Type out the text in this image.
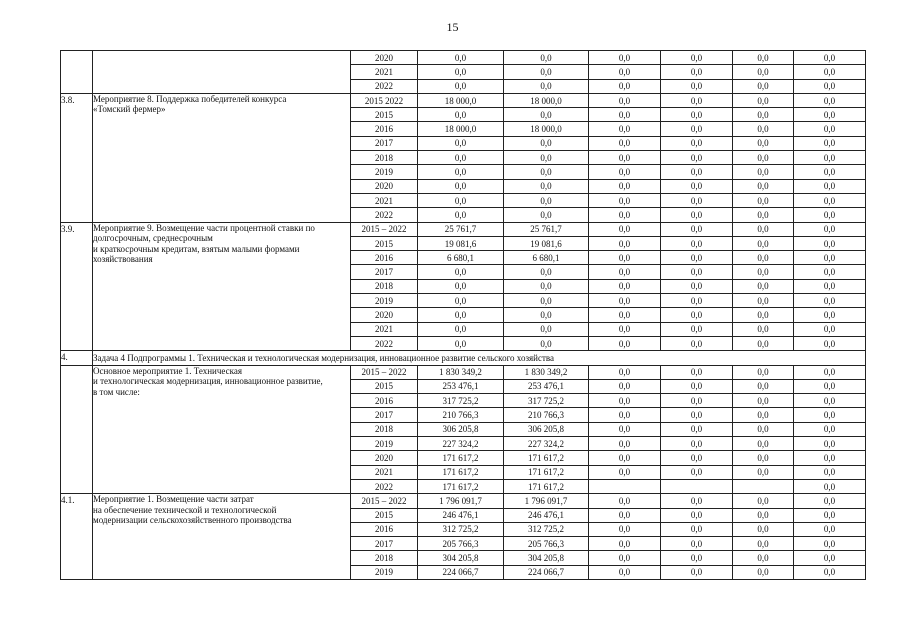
15
		2020	0,0	0,0	0,0	0,0	0,0	0,0
		2021	0,0	0,0	0,0	0,0	0,0	0,0
		2022	0,0	0,0	0,0	0,0	0,0	0,0
3.8.	Мероприятие 8. Поддержка победителей конкурса
«Томский фермер»	2015 2022	18 000,0	18 000,0	0,0	0,0	0,0	0,0
		2015	0,0	0,0	0,0	0,0	0,0	0,0
		2016	18 000,0	18 000,0	0,0	0,0	0,0	0,0
		2017	0,0	0,0	0,0	0,0	0,0	0,0
		2018	0,0	0,0	0,0	0,0	0,0	0,0
		2019	0,0	0,0	0,0	0,0	0,0	0,0
		2020	0,0	0,0	0,0	0,0	0,0	0,0
		2021	0,0	0,0	0,0	0,0	0,0	0,0
		2022	0,0	0,0	0,0	0,0	0,0	0,0
3.9.	Мероприятие 9. Возмещение части процентной ставки по
долгосрочным, среднесрочным
и краткосрочным кредитам, взятым малыми формами
хозяйствования	2015 – 2022	25 761,7	25 761,7	0,0	0,0	0,0	0,0
		2015	19 081,6	19 081,6	0,0	0,0	0,0	0,0
		2016	6 680,1	6 680,1	0,0	0,0	0,0	0,0
		2017	0,0	0,0	0,0	0,0	0,0	0,0
		2018	0,0	0,0	0,0	0,0	0,0	0,0
		2019	0,0	0,0	0,0	0,0	0,0	0,0
		2020	0,0	0,0	0,0	0,0	0,0	0,0
		2021	0,0	0,0	0,0	0,0	0,0	0,0
		2022	0,0	0,0	0,0	0,0	0,0	0,0
4.	Задача 4 Подпрограммы 1. Техническая и технологическая модернизация, инновационное развитие сельского хозяйства							

	Основное мероприятие 1. Техническая
и технологическая модернизация, инновационное развитие,
в том числе:	2015 – 2022	1 830 349,2	1 830 349,2	0,0	0,0	0,0	0,0
		2015	253 476,1	253 476,1	0,0	0,0	0,0	0,0
		2016	317 725,2	317 725,2	0,0	0,0	0,0	0,0
		2017	210 766,3	210 766,3	0,0	0,0	0,0	0,0
		2018	306 205,8	306 205,8	0,0	0,0	0,0	0,0
		2019	227 324,2	227 324,2	0,0	0,0	0,0	0,0
		2020	171 617,2	171 617,2	0,0	0,0	0,0	0,0
		2021	171 617,2	171 617,2	0,0	0,0	0,0	0,0
		2022	171 617,2	171 617,2				0,0
4.1.	Мероприятие 1. Возмещение части затрат
на обеспечение технической и технологической
модернизации сельскохозяйственного производства	2015 – 2022	1 796 091,7	1 796 091,7	0,0	0,0	0,0	0,0
		2015	246 476,1	246 476,1	0,0	0,0	0,0	0,0
		2016	312 725,2	312 725,2	0,0	0,0	0,0	0,0
		2017	205 766,3	205 766,3	0,0	0,0	0,0	0,0
		2018	304 205,8	304 205,8	0,0	0,0	0,0	0,0
		2019	224 066,7	224 066,7	0,0	0,0	0,0	0,0
